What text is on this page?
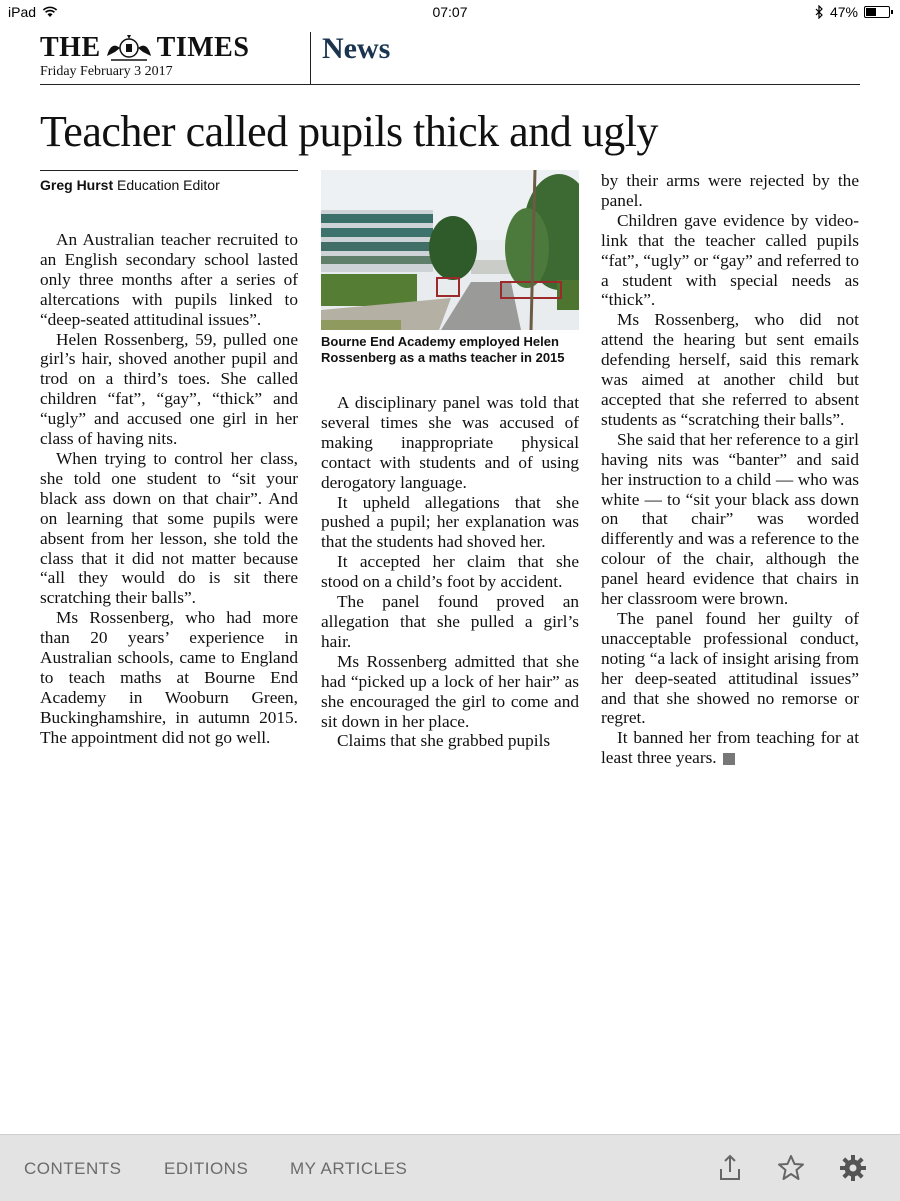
iPad	07:07	47%
THE TIMES
Friday February 3 2017
News
Teacher called pupils thick and ugly
Greg Hurst Education Editor

An Australian teacher recruited to an English secondary school lasted only three months after a series of altercations with pupils linked to “deep-seated attitudinal issues”.

Helen Rossenberg, 59, pulled one girl’s hair, shoved another pupil and trod on a third’s toes. She called children “fat”, “gay”, “thick” and “ugly” and accused one girl in her class of having nits.

When trying to control her class, she told one student to “sit your black ass down on that chair”. And on learning that some pupils were absent from her lesson, she told the class that it did not matter because “all they would do is sit there scratching their balls”.

Ms Rossenberg, who had more than 20 years’ experience in Australian schools, came to England to teach maths at Bourne End Academy in Wooburn Green, Buckinghamshire, in autumn 2015. The appointment did not go well.

Bourne End Academy employed Helen Rossenberg as a maths teacher in 2015

A disciplinary panel was told that several times she was accused of making inappropriate physical contact with students and of using derogatory language.

It upheld allegations that she pushed a pupil; her explanation was that the students had shoved her.

It accepted her claim that she stood on a child’s foot by accident.

The panel found proved an allegation that she pulled a girl’s hair.

Ms Rossenberg admitted that she had “picked up a lock of her hair” as she encouraged the girl to come and sit down in her place.

Claims that she grabbed pupils

by their arms were rejected by the panel.

Children gave evidence by video-link that the teacher called pupils “fat”, “ugly” or “gay” and referred to a student with special needs as “thick”.

Ms Rossenberg, who did not attend the hearing but sent emails defending herself, said this remark was aimed at another child but accepted that she referred to absent students as “scratching their balls”.

She said that her reference to a girl having nits was “banter” and said her instruction to a child — who was white — to “sit your black ass down on that chair” was worded differently and was a reference to the colour of the chair, although the panel heard evidence that chairs in her classroom were brown.

The panel found her guilty of unacceptable professional conduct, noting “a lack of insight arising from her deep-seated attitudinal issues” and that she showed no remorse or regret.

It banned her from teaching for at least three years.

CONTENTS	EDITIONS MY ARTICLES
